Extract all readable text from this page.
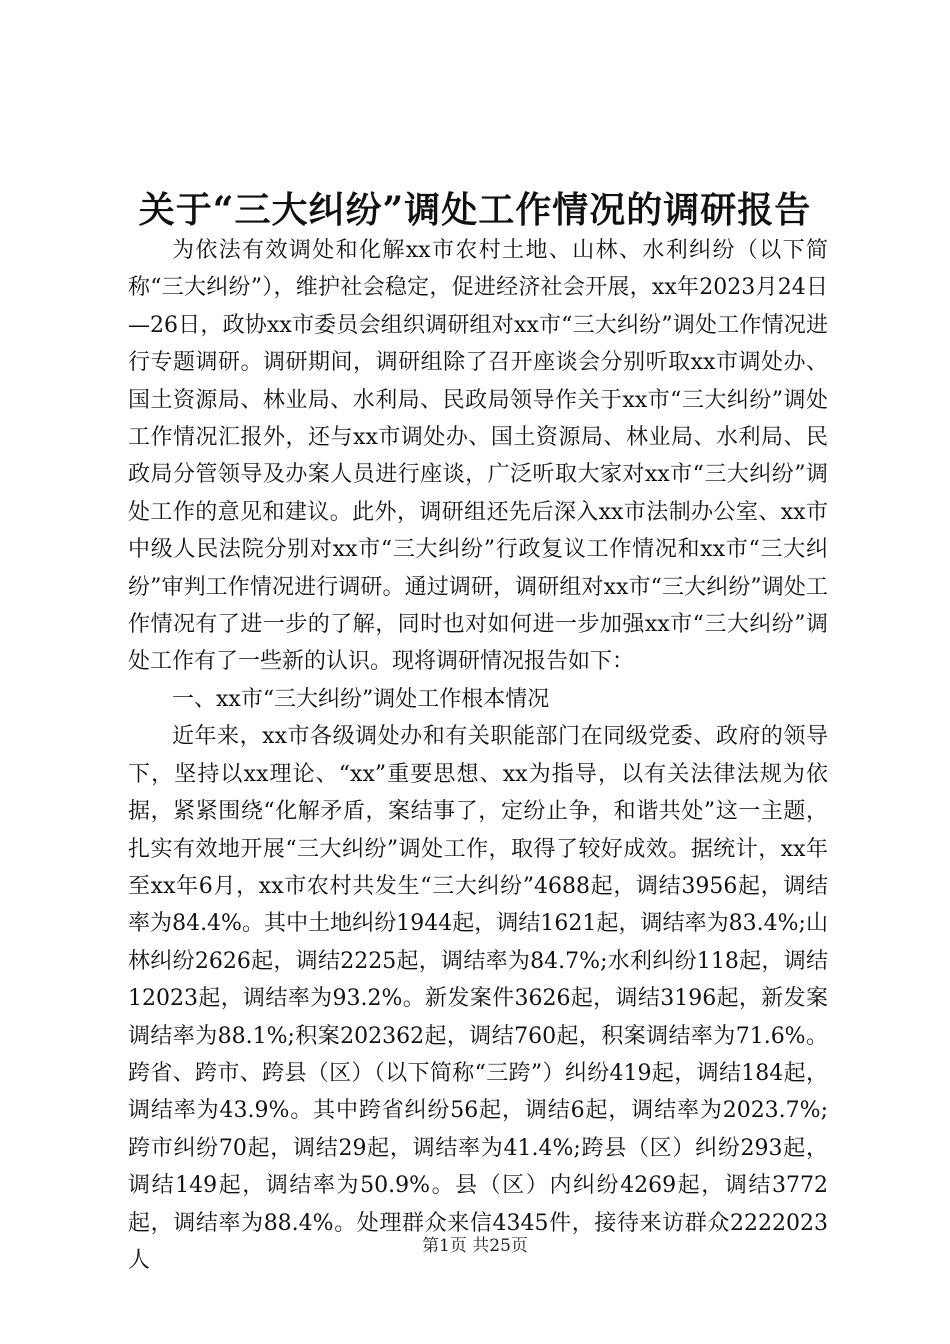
关于“三大纠纷”调处工作情况的调研报告

为依法有效调处和化解xx市农村土地、山林、水利纠纷（以下简称“三大纠纷”），维护社会稳定，促进经济社会开展，xx年2023月24日—26日，政协xx市委员会组织调研组对xx市“三大纠纷”调处工作情况进行专题调研。调研期间，调研组除了召开座谈会分别听取xx市调处办、国土资源局、林业局、水利局、民政局领导作关于xx市“三大纠纷”调处工作情况汇报外，还与xx市调处办、国土资源局、林业局、水利局、民政局分管领导及办案人员进行座谈，广泛听取大家对xx市“三大纠纷”调处工作的意见和建议。此外，调研组还先后深入xx市法制办公室、xx市中级人民法院分别对xx市“三大纠纷”行政复议工作情况和xx市“三大纠纷”审判工作情况进行调研。通过调研，调研组对xx市“三大纠纷”调处工作情况有了进一步的了解，同时也对如何进一步加强xx市“三大纠纷”调处工作有了一些新的认识。现将调研情况报告如下：

一、xx市“三大纠纷”调处工作根本情况

近年来，xx市各级调处办和有关职能部门在同级党委、政府的领导下，坚持以xx理论、“xx”重要思想、xx为指导，以有关法律法规为依据，紧紧围绕“化解矛盾，案结事了，定纷止争，和谐共处”这一主题，扎实有效地开展“三大纠纷”调处工作，取得了较好成效。据统计，xx年至xx年6月，xx市农村共发生“三大纠纷”4688起，调结3956起，调结率为84.4%。其中土地纠纷1944起，调结1621起，调结率为83.4%;山林纠纷2626起，调结2225起，调结率为84.7%;水利纠纷118起，调结12023起，调结率为93.2%。新发案件3626起，调结3196起，新发案调结率为88.1%;积案202362起，调结760起，积案调结率为71.6%。跨省、跨市、跨县（区）（以下简称“三跨”）纠纷419起，调结184起，调结率为43.9%。其中跨省纠纷56起，调结6起，调结率为2023.7%;跨市纠纷70起，调结29起，调结率为41.4%;跨县（区）纠纷293起，调结149起，调结率为50.9%。县（区）内纠纷4269起，调结3772起，调结率为88.4%。处理群众来信4345件，接待来访群众2222023人

第1页 共25页
